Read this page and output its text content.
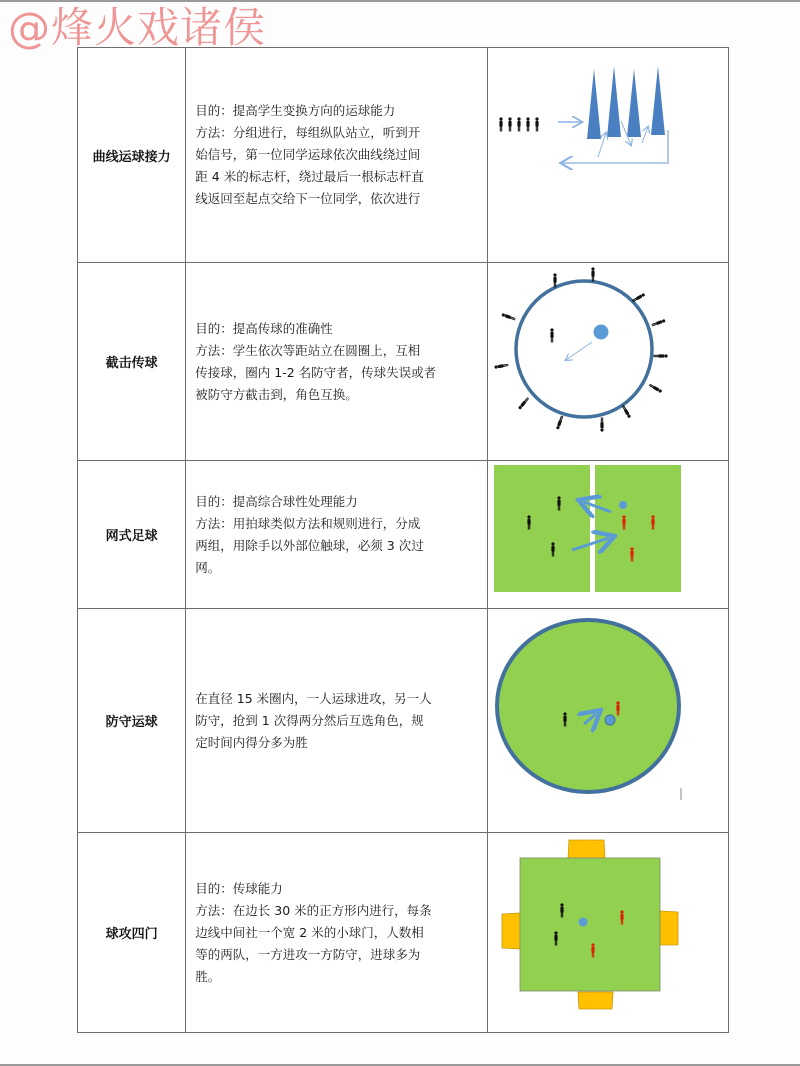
@烽火戏诸侯
曲线运球接力	目的：提高学生变换方向的运球能力
方法：分组进行，每组纵队站立，听到开
始信号，第一位同学运球依次曲线绕过间
距 4 米的标志杆，绕过最后一根标志杆直
线返回至起点交给下一位同学，依次进行

截击传球	目的：提高传球的准确性
方法：学生依次等距站立在圆圈上，互相
传接球，圈内 1-2 名防守者，传球失误或者
被防守方截击到，角色互换。

网式足球	目的：提高综合球性处理能力
方法：用拍球类似方法和规则进行，分成
两组，用除手以外部位触球，必须 3 次过
网。

防守运球	在直径 15 米圈内，一人运球进攻，另一人
防守，抢到 1 次得两分然后互选角色，规
定时间内得分多为胜

球攻四门	目的：传球能力
方法：在边长 30 米的正方形内进行，每条
边线中间社一个宽 2 米的小球门，人数相
等的两队，一方进攻一方防守，进球多为
胜。
